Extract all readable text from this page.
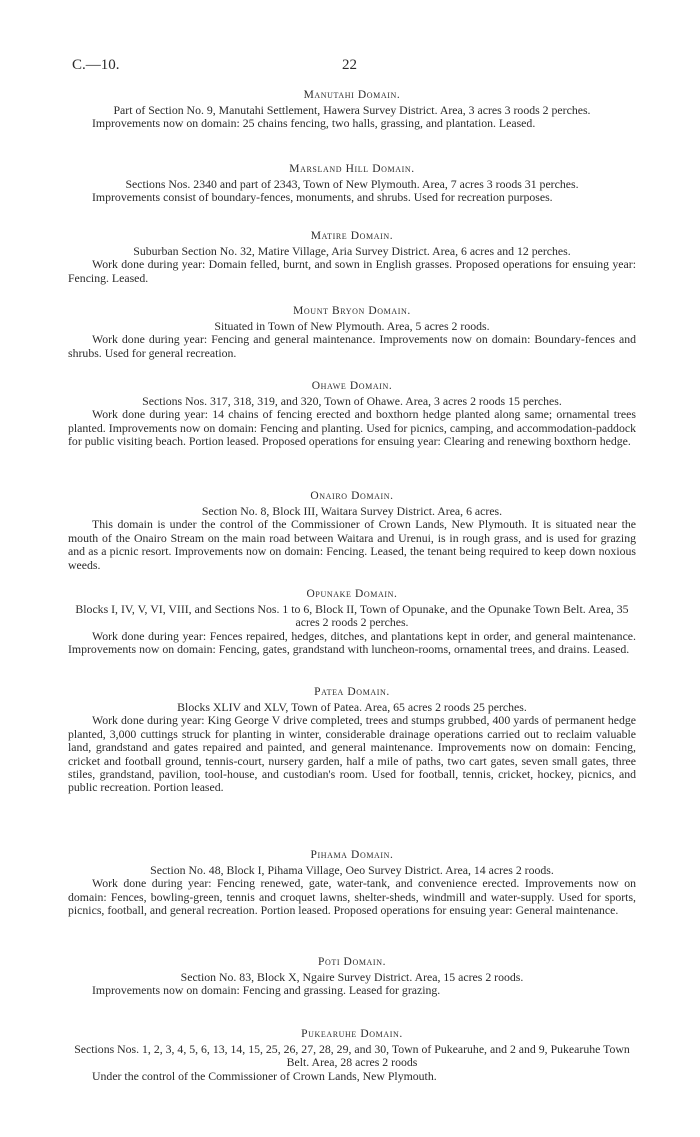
C.—10.	22
Manutahi Domain.

Part of Section No. 9, Manutahi Settlement, Hawera Survey District. Area, 3 acres 3 roods 2 perches.

Improvements now on domain: 25 chains fencing, two halls, grassing, and plantation. Leased.

Marsland Hill Domain.

Sections Nos. 2340 and part of 2343, Town of New Plymouth. Area, 7 acres 3 roods 31 perches.

Improvements consist of boundary-fences, monuments, and shrubs. Used for recreation purposes.

Matire Domain.

Suburban Section No. 32, Matire Village, Aria Survey District. Area, 6 acres and 12 perches.

Work done during year: Domain felled, burnt, and sown in English grasses. Proposed operations for ensuing year: Fencing. Leased.

Mount Bryon Domain.

Situated in Town of New Plymouth. Area, 5 acres 2 roods.

Work done during year: Fencing and general maintenance. Improvements now on domain: Boundary-fences and shrubs. Used for general recreation.

Ohawe Domain.

Sections Nos. 317, 318, 319, and 320, Town of Ohawe. Area, 3 acres 2 roods 15 perches.

Work done during year: 14 chains of fencing erected and boxthorn hedge planted along same; ornamental trees planted. Improvements now on domain: Fencing and planting. Used for picnics, camping, and accommodation-paddock for public visiting beach. Portion leased. Proposed operations for ensuing year: Clearing and renewing boxthorn hedge.

Onairo Domain.

Section No. 8, Block III, Waitara Survey District. Area, 6 acres.

This domain is under the control of the Commissioner of Crown Lands, New Plymouth. It is situated near the mouth of the Onairo Stream on the main road between Waitara and Urenui, is in rough grass, and is used for grazing and as a picnic resort. Improvements now on domain: Fencing. Leased, the tenant being required to keep down noxious weeds.

Opunake Domain.

Blocks I, IV, V, VI, VIII, and Sections Nos. 1 to 6, Block II, Town of Opunake, and the Opunake Town Belt. Area, 35 acres 2 roods 2 perches.

Work done during year: Fences repaired, hedges, ditches, and plantations kept in order, and general maintenance. Improvements now on domain: Fencing, gates, grandstand with luncheon-rooms, ornamental trees, and drains. Leased.

Patea Domain.

Blocks XLIV and XLV, Town of Patea. Area, 65 acres 2 roods 25 perches.

Work done during year: King George V drive completed, trees and stumps grubbed, 400 yards of permanent hedge planted, 3,000 cuttings struck for planting in winter, considerable drainage operations carried out to reclaim valuable land, grandstand and gates repaired and painted, and general maintenance. Improvements now on domain: Fencing, cricket and football ground, tennis-court, nursery garden, half a mile of paths, two cart gates, seven small gates, three stiles, grandstand, pavilion, tool-house, and custodian's room. Used for football, tennis, cricket, hockey, picnics, and public recreation. Portion leased.

Pihama Domain.

Section No. 48, Block I, Pihama Village, Oeo Survey District. Area, 14 acres 2 roods.

Work done during year: Fencing renewed, gate, water-tank, and convenience erected. Improvements now on domain: Fences, bowling-green, tennis and croquet lawns, shelter-sheds, windmill and water-supply. Used for sports, picnics, football, and general recreation. Portion leased. Proposed operations for ensuing year: General maintenance.

Poti Domain.

Section No. 83, Block X, Ngaire Survey District. Area, 15 acres 2 roods.

Improvements now on domain: Fencing and grassing. Leased for grazing.

Pukearuhe Domain.

Sections Nos. 1, 2, 3, 4, 5, 6, 13, 14, 15, 25, 26, 27, 28, 29, and 30, Town of Pukearuhe, and 2 and 9, Pukearuhe Town Belt. Area, 28 acres 2 roods

Under the control of the Commissioner of Crown Lands, New Plymouth.
